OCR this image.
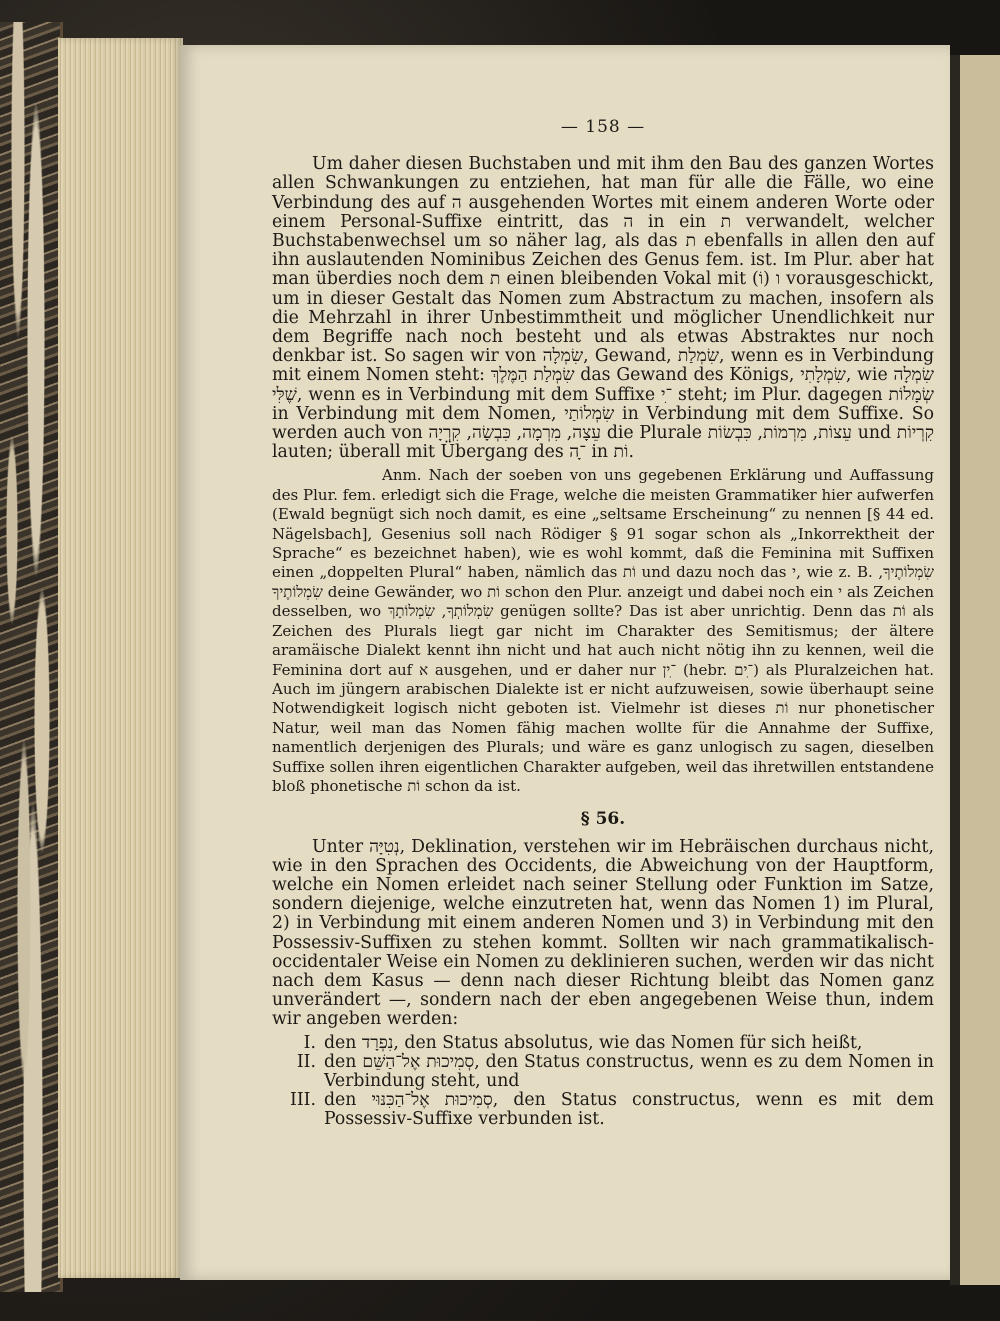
— 158 —

Um daher diesen Buchstaben und mit ihm den Bau des ganzen Wortes allen Schwankungen zu entziehen, hat man für alle die Fälle, wo eine Verbindung des auf ה ausgehenden Wortes mit einem anderen Worte oder einem Personal-Suffixe eintritt, das ה in ein ת verwandelt, welcher Buchstabenwechsel um so näher lag, als das ת ebenfalls in allen den auf ihn auslautenden Nominibus Zeichen des Genus fem. ist. Im Plur. aber hat man überdies noch dem ת einen bleibenden Vokal mit ו (וֹ) vorausgeschickt, um in dieser Gestalt das Nomen zum Abstractum zu machen, insofern als die Mehrzahl in ihrer Unbestimmtheit und möglicher Unendlichkeit nur dem Begriffe nach noch besteht und als etwas Abstraktes nur noch denkbar ist. So sagen wir von שִׂמְלָה, Gewand, שִׂמְלַת, wenn es in Verbindung mit einem Nomen steht: שִׂמְלַת הַמֶּלֶךְ das Gewand des Königs, שִׂמְלָתִי, wie שִׂמְלָה שֶׁלִּי, wenn es in Verbindung mit dem Suffixe ־ִי steht; im Plur. dagegen שְׂמָלוֹת in Verbindung mit dem Nomen, שִׂמְלוֹתַי in Verbindung mit dem Suffixe. So werden auch von עֵצָה, מִרְמָה, כִּבְשָׂה, קִרְיָה die Plurale עֵצוֹת, מִרְמוֹת, כִּבְשׂוֹת und קִרְיוֹת lauten; überall mit Übergang des ־ָה in וֹת.

Anm. Nach der soeben von uns gegebenen Erklärung und Auffassung des Plur. fem. erledigt sich die Frage, welche die meisten Grammatiker hier aufwerfen (Ewald begnügt sich noch damit, es eine „seltsame Erscheinung“ zu nennen [§ 44 ed. Nägelsbach], Gesenius soll nach Rödiger § 91 sogar schon als „Inkorrektheit der Sprache“ es bezeichnet haben), wie es wohl kommt, daß die Feminina mit Suffixen einen „doppelten Plural“ haben, nämlich das וֹת und dazu noch das י, wie z. B. שִׂמְלוֹתֶיךָ, שִׂמְלוֹתֶיךָ deine Gewänder, wo וֹת schon den Plur. anzeigt und dabei noch ein י als Zeichen desselben, wo שִׂמְלוֹתְךָ, שִׂמְלוֹתָךְ genügen sollte? Das ist aber unrichtig. Denn das וֹת als Zeichen des Plurals liegt gar nicht im Charakter des Semitismus; der ältere aramäische Dialekt kennt ihn nicht und hat auch nicht nötig ihn zu kennen, weil die Feminina dort auf א ausgehen, und er daher nur ־ִין (hebr. ־ִים) als Pluralzeichen hat. Auch im jüngern arabischen Dialekte ist er nicht aufzuweisen, sowie überhaupt seine Notwendigkeit logisch nicht geboten ist. Vielmehr ist dieses וֹת nur phonetischer Natur, weil man das Nomen fähig machen wollte für die Annahme der Suffixe, namentlich derjenigen des Plurals; und wäre es ganz unlogisch zu sagen, dieselben Suffixe sollen ihren eigentlichen Charakter aufgeben, weil das ihretwillen entstandene bloß phonetische וֹת schon da ist.

§ 56.

Unter נְטִיָּה, Deklination, verstehen wir im Hebräischen durchaus nicht, wie in den Sprachen des Occidents, die Abweichung von der Hauptform, welche ein Nomen erleidet nach seiner Stellung oder Funktion im Satze, sondern diejenige, welche einzutreten hat, wenn das Nomen 1) im Plural, 2) in Verbindung mit einem anderen Nomen und 3) in Verbindung mit den Possessiv-Suffixen zu stehen kommt. Sollten wir nach grammatikalisch-occidentaler Weise ein Nomen zu deklinieren suchen, werden wir das nicht nach dem Kasus — denn nach dieser Richtung bleibt das Nomen ganz unverändert —, sondern nach der eben angegebenen Weise thun, indem wir angeben werden:

I. den נִפְרָד, den Status absolutus, wie das Nomen für sich heißt,
II. den סְמִיכוּת אֶל־הַשֵּׁם, den Status constructus, wenn es zu dem Nomen in Verbindung steht, und
III. den סְמִיכוּת אֶל־הַכִּנּוּי, den Status constructus, wenn es mit dem Possessiv-Suffixe verbunden ist.
